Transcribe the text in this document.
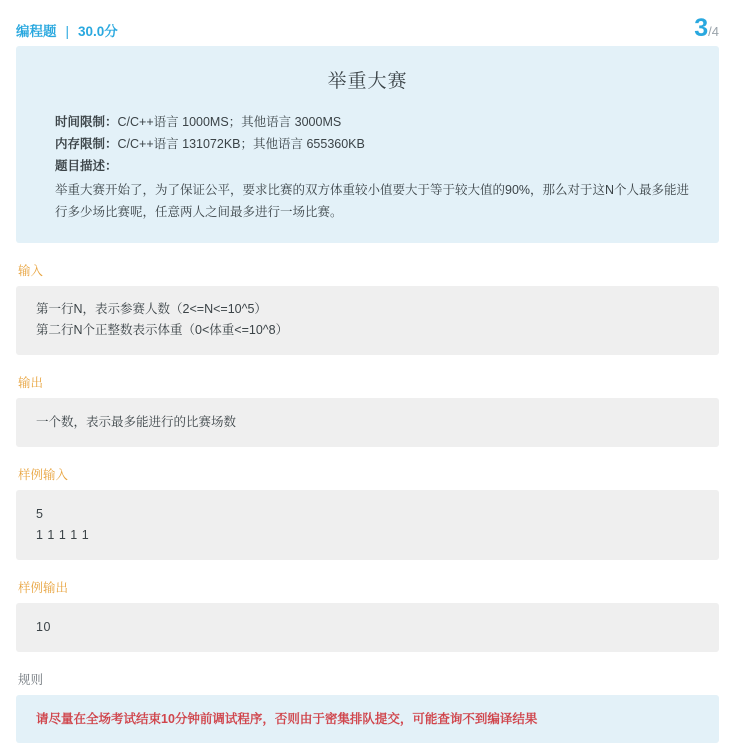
编程题 | 30.0分	3/4
举重大赛
时间限制：C/C++语言 1000MS；其他语言 3000MS
内存限制：C/C++语言 131072KB；其他语言 655360KB
题目描述：
举重大赛开始了，为了保证公平，要求比赛的双方体重较小值要大于等于较大值的90%，那么对于这N个人最多能进行多少场比赛呢，任意两人之间最多进行一场比赛。
输入
第一行N，表示参赛人数（2<=N<=10^5）
第二行N个正整数表示体重（0<体重<=10^8）
输出
一个数，表示最多能进行的比赛场数
样例输入
5
1 1 1 1 1
样例输出
10
规则
请尽量在全场考试结束10分钟前调试程序，否则由于密集排队提交，可能查询不到编译结果
